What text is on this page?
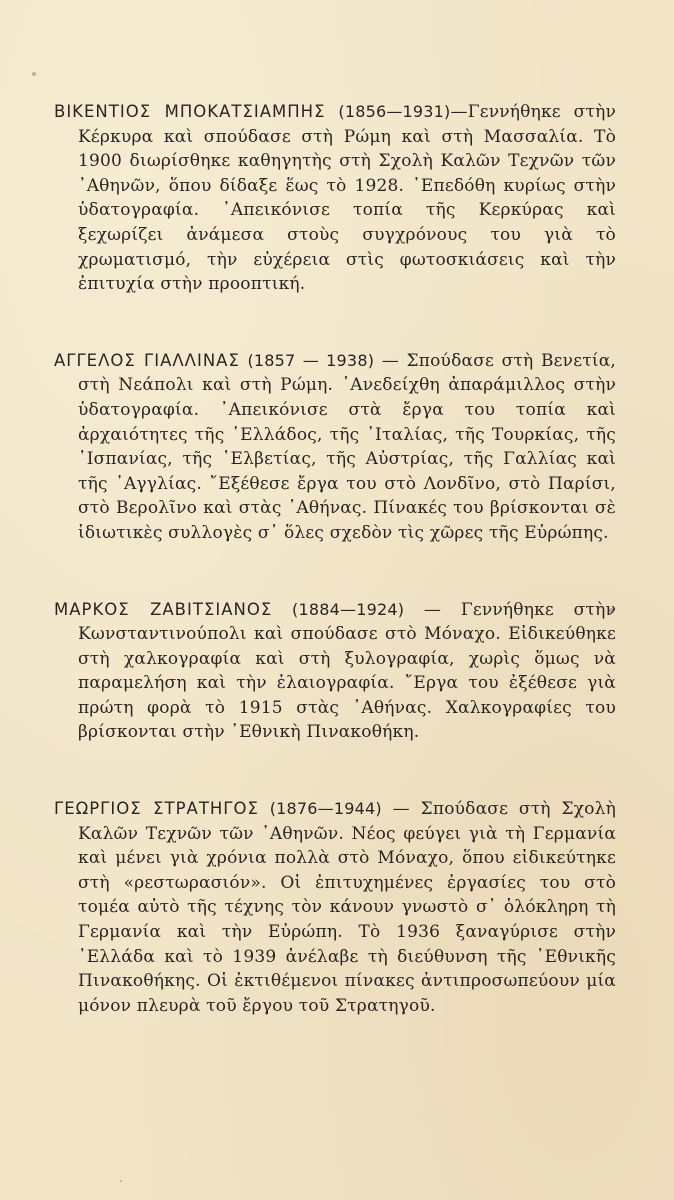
ΒΙΚΕΝΤΙΟΣ ΜΠΟΚΑΤΣΙΑΜΠΗΣ (1856—1931)—Γεννήθηκε στὴν Κέρκυρα καὶ σπούδασε στὴ Ρώμη καὶ στὴ Μασσαλία. Τὸ 1900 διωρίσθηκε καθηγητὴς στὴ Σχολὴ Καλῶν Τεχνῶν τῶν ᾿Αθηνῶν, ὅπου δίδαξε ἕως τὸ 1928. ᾿Επεδόθη κυρίως στὴν ὑδατογραφία. ᾿Απεικόνισε τοπία τῆς Κερκύρας καὶ ξεχωρίζει ἀνάμεσα στοὺς συγχρόνους του γιὰ τὸ χρωματισμό, τὴν εὐχέρεια στὶς φωτοσκιάσεις καὶ τὴν ἐπιτυχία στὴν προοπτική.

ΑΓΓΕΛΟΣ ΓΙΑΛΛΙΝΑΣ (1857 — 1938) — Σπούδασε στὴ Βενετία, στὴ Νεάπολι καὶ στὴ Ρώμη. ᾿Ανεδείχθη ἀπαράμιλλος στὴν ὑδατογραφία. ᾿Απεικόνισε στὰ ἔργα του τοπία καὶ ἀρχαιότητες τῆς ῾Ελλάδος, τῆς ᾿Ιταλίας, τῆς Τουρκίας, τῆς ῾Ισπανίας, τῆς ῾Ελβετίας, τῆς Αὐστρίας, τῆς Γαλλίας καὶ τῆς ᾿Αγγλίας. ῎Εξέθεσε ἔργα του στὸ Λονδῖνο, στὸ Παρίσι, στὸ Βερολῖνο καὶ στὰς ᾿Αθήνας. Πίνακές του βρίσκονται σὲ ἰδιωτικὲς συλλογὲς σ᾿ ὅλες σχεδὸν τὶς χῶρες τῆς Εὐρώπης.

ΜΑΡΚΟΣ ΖΑΒΙΤΣΙΑΝΟΣ (1884—1924) — Γεννήθηκε στὴν Κωνσταντινούπολι καὶ σπούδασε στὸ Μόναχο. Εἰδικεύθηκε στὴ χαλκογραφία καὶ στὴ ξυλογραφία, χωρὶς ὅμως νὰ παραμελήση καὶ τὴν ἐλαιογραφία. ῎Εργα του ἐξέθεσε γιὰ πρώτη φορὰ τὸ 1915 στὰς ᾿Αθήνας. Χαλκογραφίες του βρίσκονται στὴν ᾿Εθνικὴ Πινακοθήκη.

ΓΕΩΡΓΙΟΣ ΣΤΡΑΤΗΓΟΣ (1876—1944) — Σπούδασε στὴ Σχολὴ Καλῶν Τεχνῶν τῶν ᾿Αθηνῶν. Νέος φεύγει γιὰ τὴ Γερμανία καὶ μένει γιὰ χρόνια πολλὰ στὸ Μόναχο, ὅπου εἰδικεύτηκε στὴ «ρεστωρασιόν». Οἱ ἐπιτυχημένες ἐργασίες του στὸ τομέα αὐτὸ τῆς τέχνης τὸν κάνουν γνωστὸ σ᾿ ὁλόκληρη τὴ Γερμανία καὶ τὴν Εὐρώπη. Τὸ 1936 ξαναγύρισε στὴν ῾Ελλάδα καὶ τὸ 1939 ἀνέλαβε τὴ διεύθυνση τῆς ᾿Εθνικῆς Πινακοθήκης. Οἱ ἐκτιθέμενοι πίνακες ἀντιπροσωπεύουν μία μόνον πλευρὰ τοῦ ἔργου τοῦ Στρατηγοῦ.
